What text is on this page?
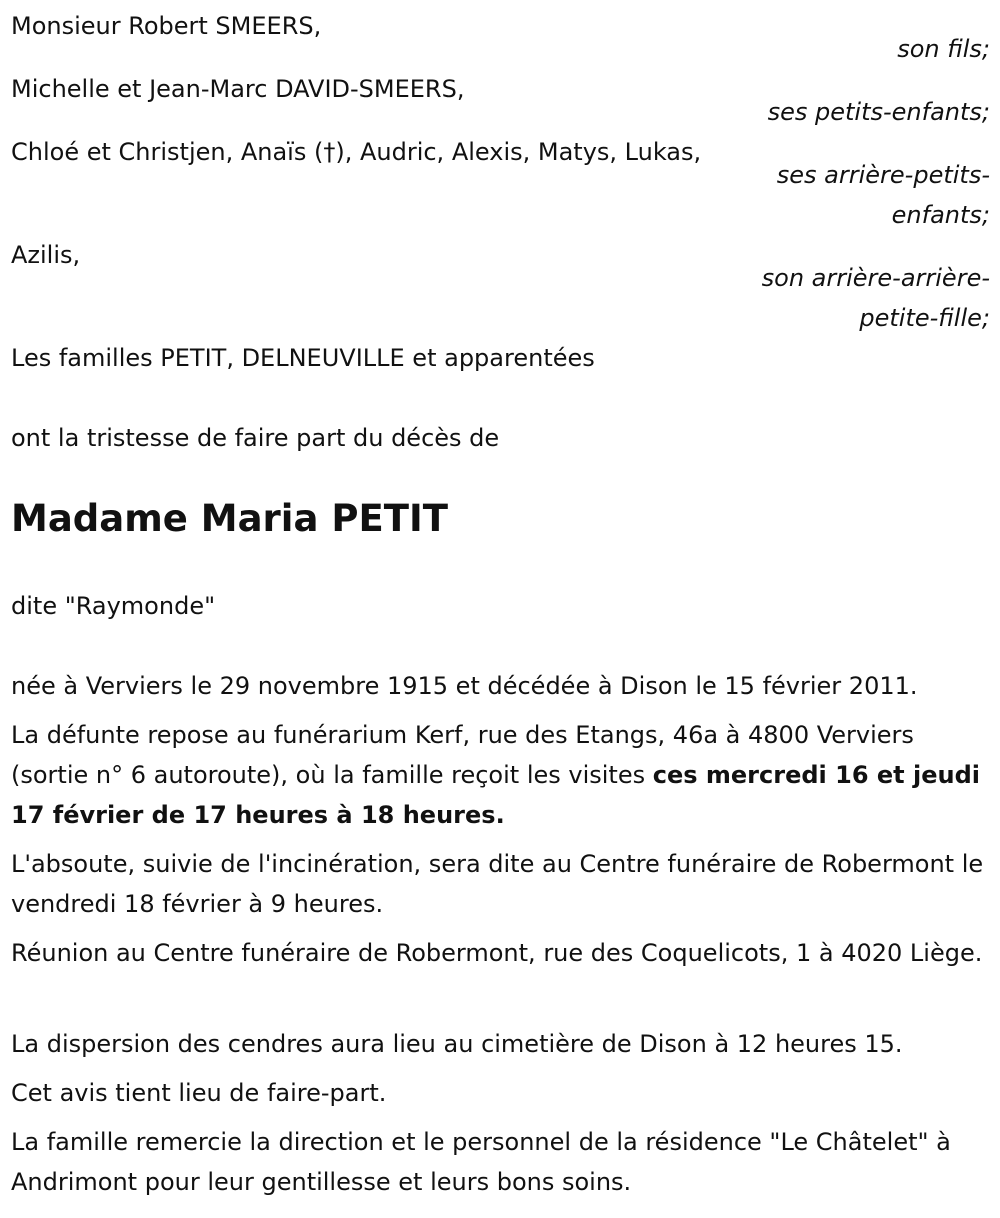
Monsieur Robert SMEERS,
son fils;
Michelle et Jean-Marc DAVID-SMEERS,
ses petits-enfants;
Chloé et Christjen, Anaïs (†), Audric, Alexis, Matys, Lukas,
ses arrière-petits-
enfants;
Azilis,
son arrière-arrière-
petite-fille;
Les familles PETIT, DELNEUVILLE et apparentées
ont la tristesse de faire part du décès de
Madame Maria PETIT
dite "Raymonde"
née à Verviers le 29 novembre 1915 et décédée à Dison le 15 février 2011.
La défunte repose au funérarium Kerf, rue des Etangs, 46a à 4800 Verviers (sortie n° 6 autoroute), où la famille reçoit les visites ces mercredi 16 et jeudi 17 février de 17 heures à 18 heures.
L'absoute, suivie de l'incinération, sera dite au Centre funéraire de Robermont le vendredi 18 février à 9 heures.
Réunion au Centre funéraire de Robermont, rue des Coquelicots, 1 à 4020 Liège.
La dispersion des cendres aura lieu au cimetière de Dison à 12 heures 15.
Cet avis tient lieu de faire-part.
La famille remercie la direction et le personnel de la résidence "Le Châtelet" à Andrimont pour leur gentillesse et leurs bons soins.
